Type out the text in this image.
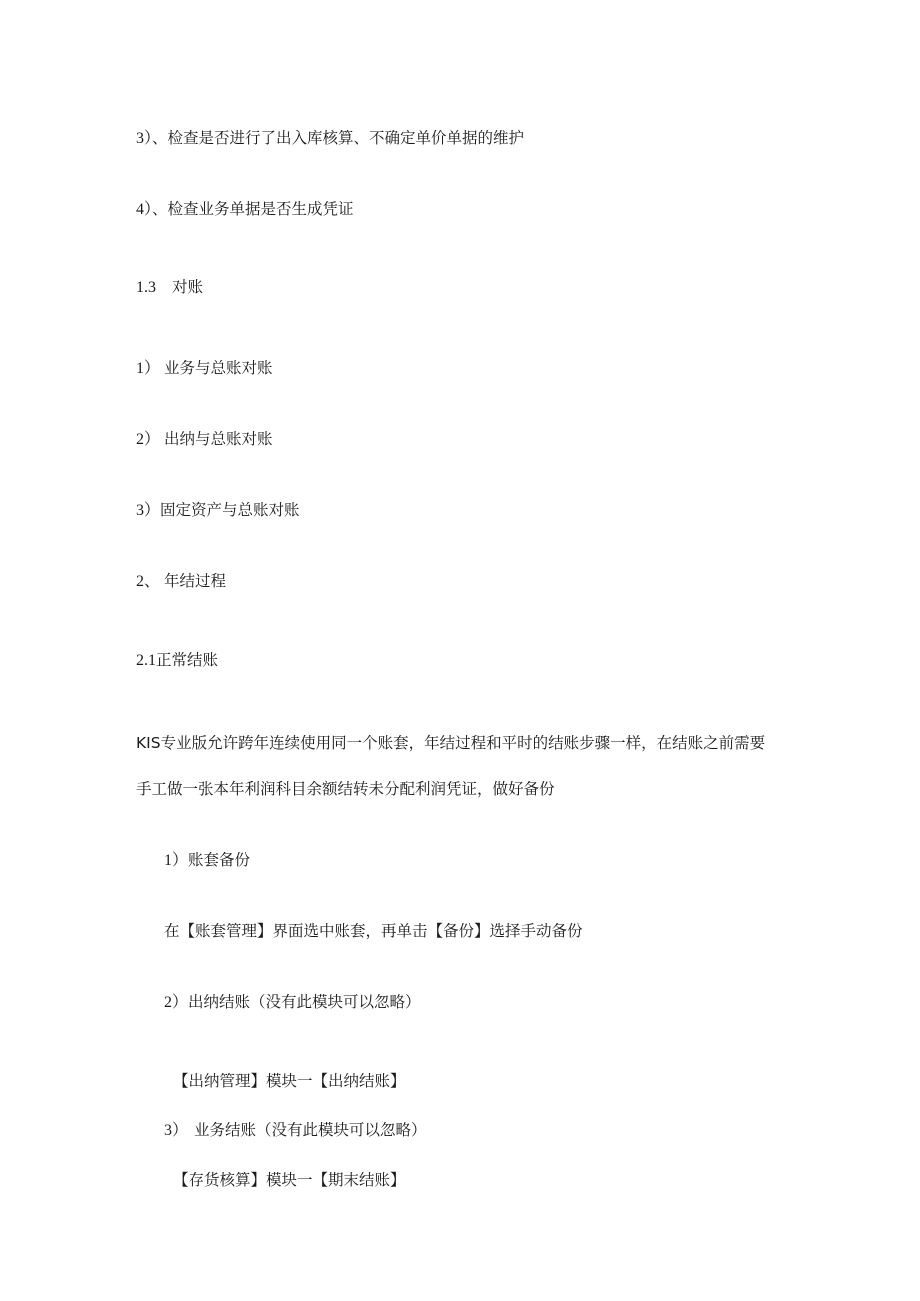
3）、检查是否进行了出入库核算、不确定单价单据的维护
4）、检查业务单据是否生成凭证
1.3 对账
1） 业务与总账对账
2） 出纳与总账对账
3）固定资产与总账对账
2、 年结过程
2.1正常结账
KIS专业版允许跨年连续使用同一个账套，年结过程和平时的结账步骤一样，在结账之前需要
手工做一张本年利润科目余额结转未分配利润凭证，做好备份
1）账套备份
在【账套管理】界面选中账套，再单击【备份】选择手动备份
2）出纳结账（没有此模块可以忽略）
【出纳管理】模块一【出纳结账】
3） 业务结账（没有此模块可以忽略）
【存货核算】模块一【期末结账】
